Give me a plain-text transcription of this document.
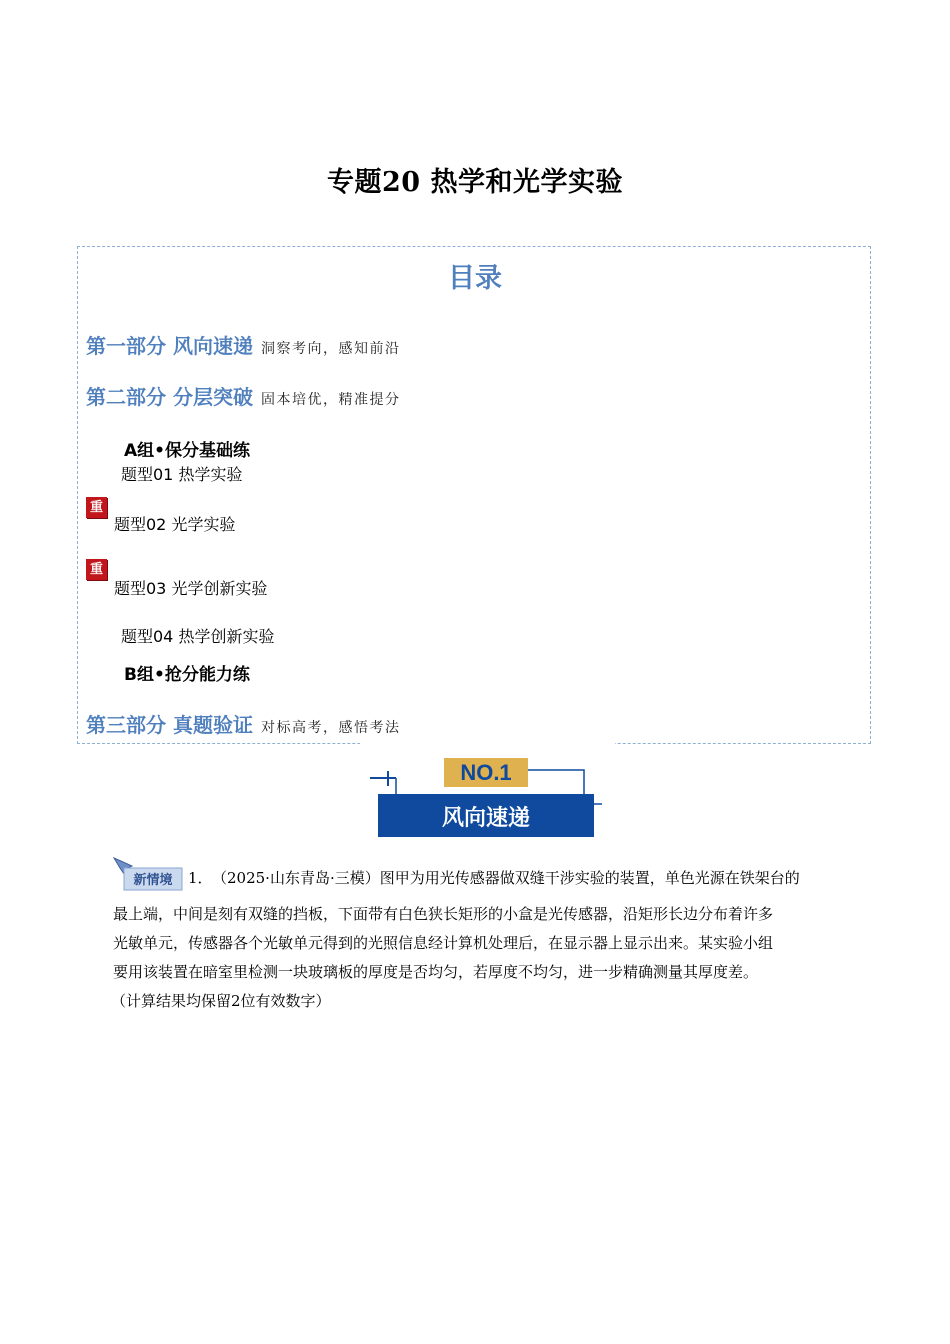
专题20 热学和光学实验
目录
第一部分 风向速递 洞察考向，感知前沿
第二部分 分层突破 固本培优，精准提分
A组•保分基础练
题型01 热学实验
重
题型02 光学实验
重
题型03 光学创新实验
题型04 热学创新实验
B组•抢分能力练
第三部分 真题验证 对标高考，感悟考法
NO.1
风向速递
新情境 1． （2025·山东青岛·三模）图甲为用光传感器做双缝干涉实验的装置，单色光源在铁架台的
最上端，中间是刻有双缝的挡板，下面带有白色狭长矩形的小盒是光传感器，沿矩形长边分布着许多
光敏单元，传感器各个光敏单元得到的光照信息经计算机处理后，在显示器上显示出来。某实验小组
要用该装置在暗室里检测一块玻璃板的厚度是否均匀，若厚度不均匀，进一步精确测量其厚度差。
（计算结果均保留2位有效数字）
